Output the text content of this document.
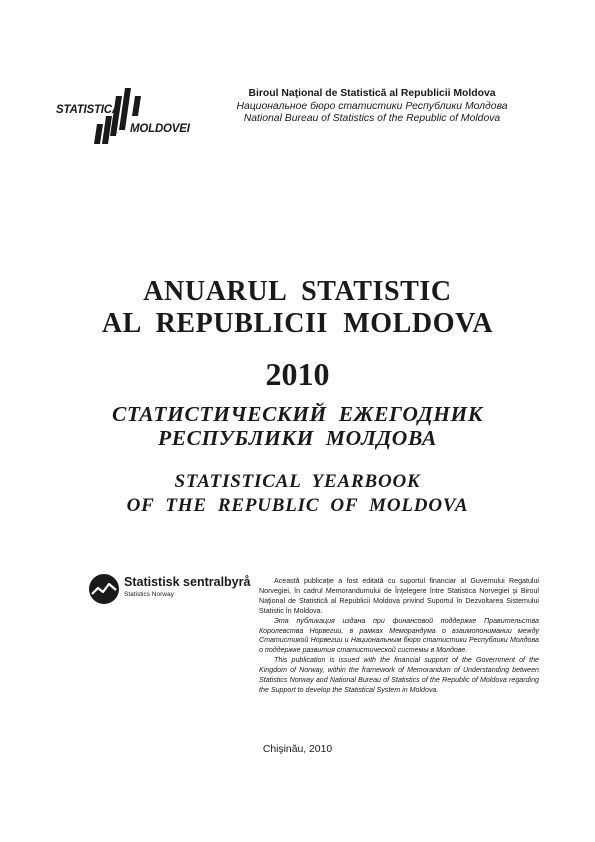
STATISTICA
MOLDOVEI
Biroul Naţional de Statistică al Republicii Moldova
Национальное бюро статистики Республики Молдова
National Bureau of Statistics of the Republic of Moldova
ANUARUL  STATISTIC
AL  REPUBLICII  MOLDOVA
2010
СТАТИСТИЧЕСКИЙ  ЕЖЕГОДНИК
РЕСПУБЛИКИ  МОЛДОВА
STATISTICAL  YEARBOOK
OF  THE  REPUBLIC  OF  MOLDOVA
Statistisk sentralbyrå
Statistics Norway

Această publicaţie a fost editată cu suportul financiar al Guvernului Regatului Norvegiei, în cadrul Memorandumului de Înţelegere între Statistica Norvegiei şi Biroul Naţional de Statistică al Republicii Moldova privind Suportul în Dezvoltarea Sistemului Statistic în Moldova.

Эта публикация издана при финансовой поддержке Правительства Королевства Норвегии, в рамках Меморандума о взаимопонимании между Статистикой Норвегии и Национальным бюро статистики Республики Молдова о поддержке развития статистической системы в Молдове.

This publication is issued with the financial support of the Government of the Kingdom of Norway, within the framework of Memorandum of Understanding between Statistics Norway and National Bureau of Statistics of the Republic of Moldova regarding the Support to develop the Statistical System in Moldova.

Chişinău, 2010
